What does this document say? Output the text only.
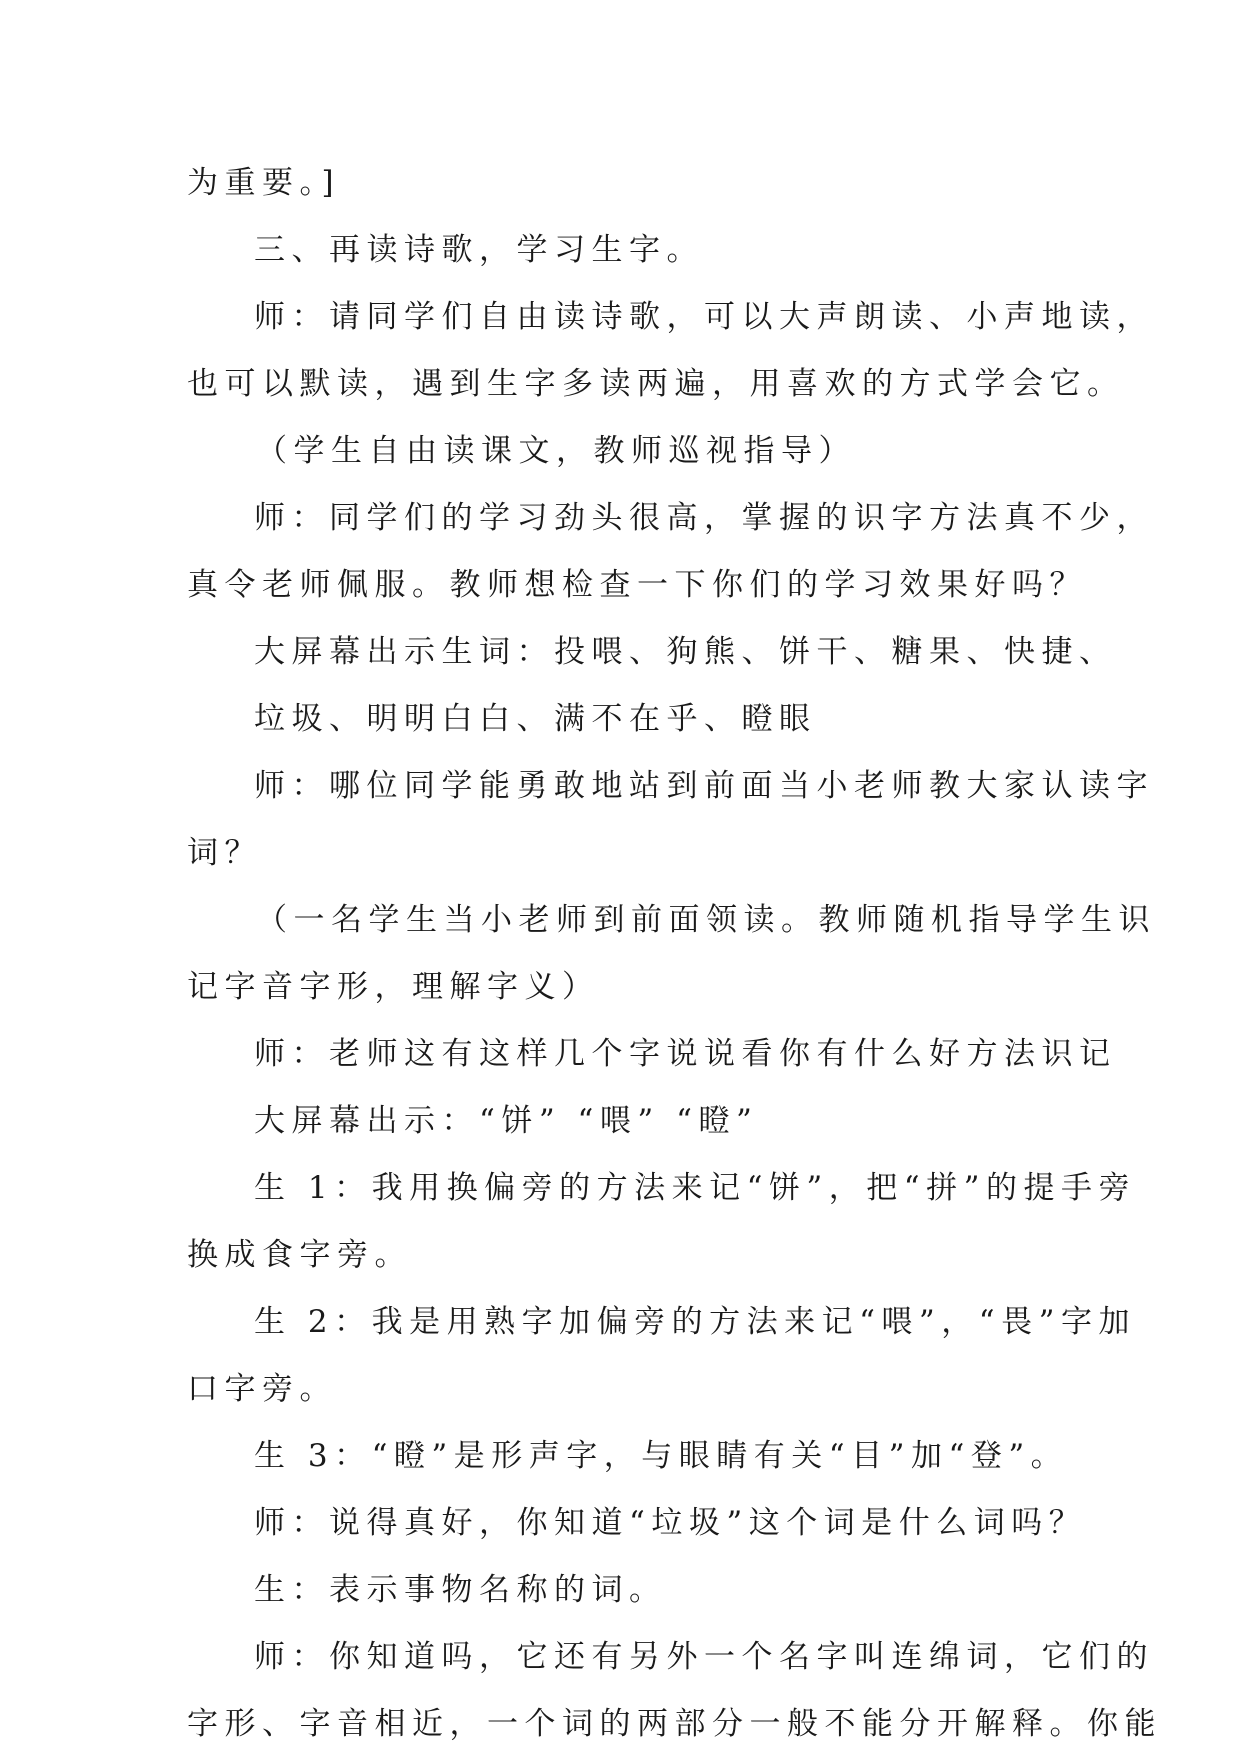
为重要。]
三、再读诗歌，学习生字。
师：请同学们自由读诗歌，可以大声朗读、小声地读，
也可以默读，遇到生字多读两遍，用喜欢的方式学会它。
（学生自由读课文，教师巡视指导）
师：同学们的学习劲头很高，掌握的识字方法真不少，
真令老师佩服。教师想检查一下你们的学习效果好吗？
大屏幕出示生词：投喂、狗熊、饼干、糖果、快捷、
垃圾、明明白白、满不在乎、瞪眼
师：哪位同学能勇敢地站到前面当小老师教大家认读字
词？
（一名学生当小老师到前面领读。教师随机指导学生识
记字音字形，理解字义）
师：老师这有这样几个字说说看你有什么好方法识记
大屏幕出示：“饼” “喂” “瞪”
生 1：我用换偏旁的方法来记“饼”，把“拼”的提手旁
换成食字旁。
生 2：我是用熟字加偏旁的方法来记“喂”，“畏”字加
口字旁。
生 3：“瞪”是形声字，与眼睛有关“目”加“登”。
师：说得真好，你知道“垃圾”这个词是什么词吗？
生：表示事物名称的词。
师：你知道吗，它还有另外一个名字叫连绵词，它们的
字形、字音相近，一个词的两部分一般不能分开解释。你能
